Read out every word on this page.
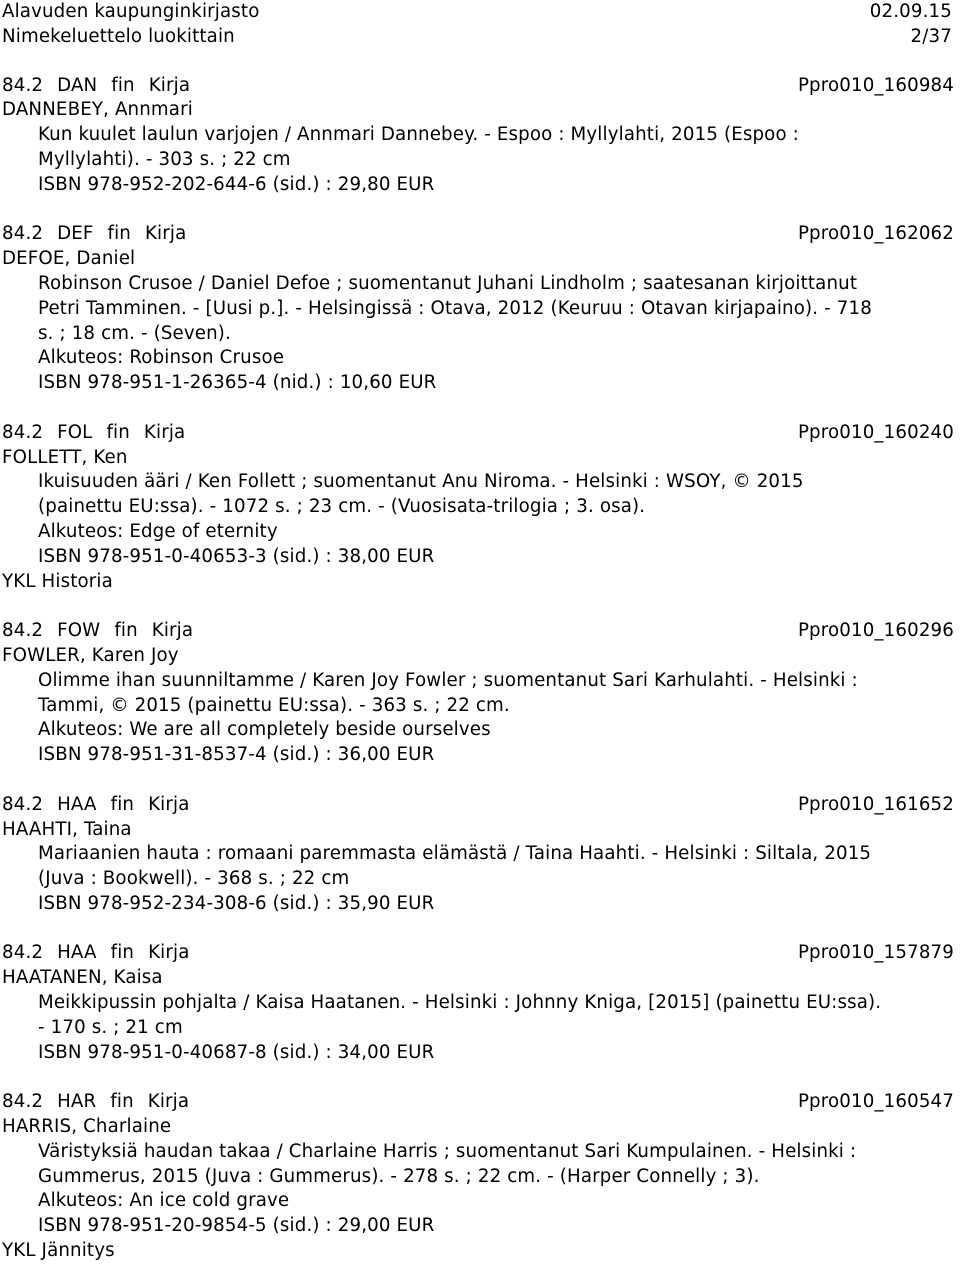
Alavuden kaupunginkirjasto	02.09.15
Nimekeluettelo luokittain	2/37
84.2 DAN fin Kirja	Ppro010_160984
DANNEBEY, Annmari
Kun kuulet laulun varjojen / Annmari Dannebey. - Espoo : Myllylahti, 2015 (Espoo :
Myllylahti). - 303 s. ; 22 cm
ISBN 978-952-202-644-6 (sid.) : 29,80 EUR
84.2 DEF fin Kirja	Ppro010_162062
DEFOE, Daniel
Robinson Crusoe / Daniel Defoe ; suomentanut Juhani Lindholm ; saatesanan kirjoittanut
Petri Tamminen. - [Uusi p.]. - Helsingissä : Otava, 2012 (Keuruu : Otavan kirjapaino). - 718
s. ; 18 cm. - (Seven).
Alkuteos: Robinson Crusoe
ISBN 978-951-1-26365-4 (nid.) : 10,60 EUR
84.2 FOL fin Kirja	Ppro010_160240
FOLLETT, Ken
Ikuisuuden ääri / Ken Follett ; suomentanut Anu Niroma. - Helsinki : WSOY, © 2015
(painettu EU:ssa). - 1072 s. ; 23 cm. - (Vuosisata-trilogia ; 3. osa).
Alkuteos: Edge of eternity
ISBN 978-951-0-40653-3 (sid.) : 38,00 EUR
YKL Historia
84.2 FOW fin Kirja	Ppro010_160296
FOWLER, Karen Joy
Olimme ihan suunniltamme / Karen Joy Fowler ; suomentanut Sari Karhulahti. - Helsinki :
Tammi, © 2015 (painettu EU:ssa). - 363 s. ; 22 cm.
Alkuteos: We are all completely beside ourselves
ISBN 978-951-31-8537-4 (sid.) : 36,00 EUR
84.2 HAA fin Kirja	Ppro010_161652
HAAHTI, Taina
Mariaanien hauta : romaani paremmasta elämästä / Taina Haahti. - Helsinki : Siltala, 2015
(Juva : Bookwell). - 368 s. ; 22 cm
ISBN 978-952-234-308-6 (sid.) : 35,90 EUR
84.2 HAA fin Kirja	Ppro010_157879
HAATANEN, Kaisa
Meikkipussin pohjalta / Kaisa Haatanen. - Helsinki : Johnny Kniga, [2015] (painettu EU:ssa).
- 170 s. ; 21 cm
ISBN 978-951-0-40687-8 (sid.) : 34,00 EUR
84.2 HAR fin Kirja	Ppro010_160547
HARRIS, Charlaine
Väristyksiä haudan takaa / Charlaine Harris ; suomentanut Sari Kumpulainen. - Helsinki :
Gummerus, 2015 (Juva : Gummerus). - 278 s. ; 22 cm. - (Harper Connelly ; 3).
Alkuteos: An ice cold grave
ISBN 978-951-20-9854-5 (sid.) : 29,00 EUR
YKL Jännitys
